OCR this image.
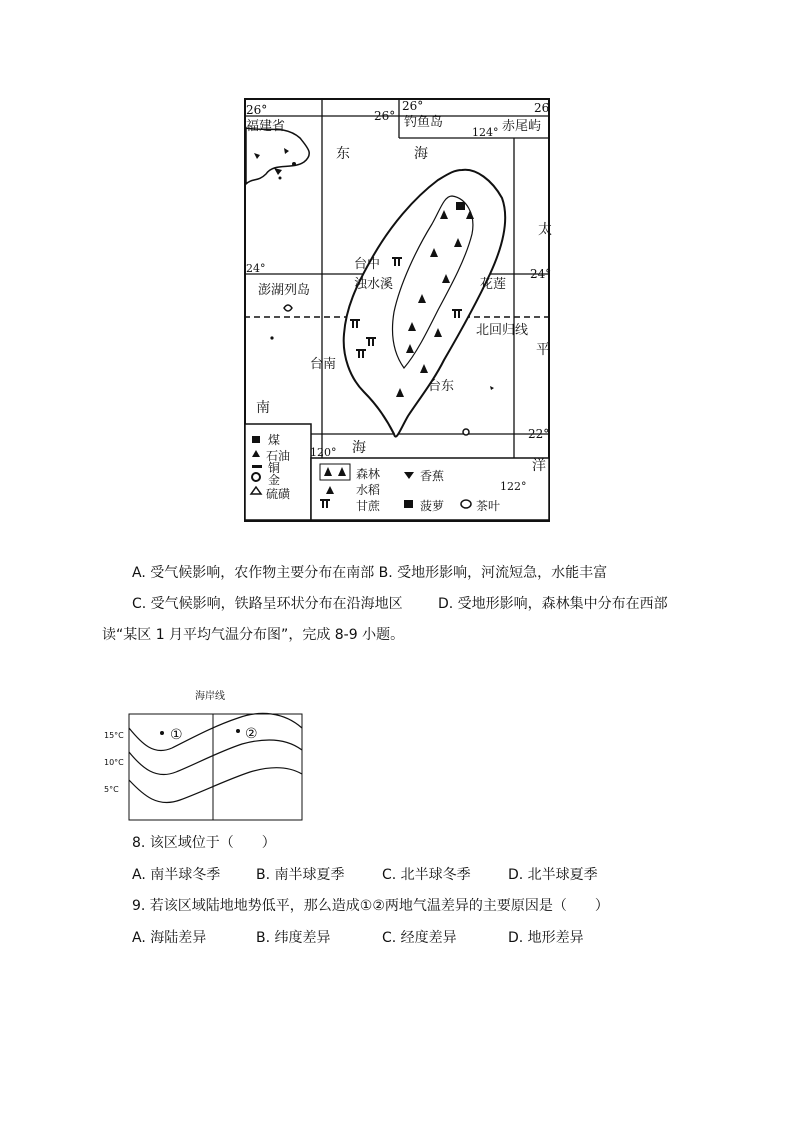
26°	26°
26°	26
124°
24°	24°
120°
22°
122°
福建省	钓鱼岛	赤尾屿
东	海
台中
浊水溪
澎湖列岛	花莲
北回归线
台南
台东
南
海
太
平
洋
煤
石油
铜
金
硫磺
森林
水稻
香蕉
甘蔗	菠萝	茶叶
A. 受气候影响，农作物主要分布在南部 B. 受地形影响，河流短急，水能丰富
C. 受气候影响，铁路呈环状分布在沿海地区	D. 受地形影响，森林集中分布在西部
读“某区 1 月平均气温分布图”，完成 8-9 小题。
海岸线
15°C
10°C
5°C
①	②
8. 该区域位于（　　）
A. 南半球冬季	B. 南半球夏季	C. 北半球冬季	D. 北半球夏季
9. 若该区域陆地地势低平，那么造成①②两地气温差异的主要原因是（　　）
A. 海陆差异	B. 纬度差异	C. 经度差异	D. 地形差异
